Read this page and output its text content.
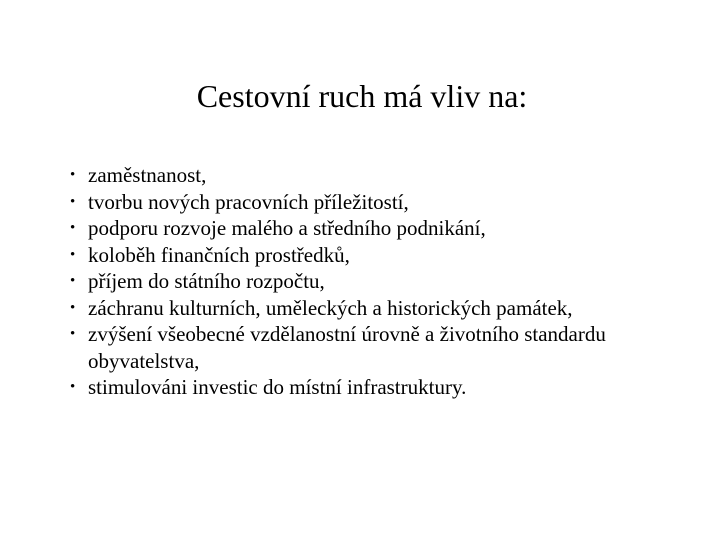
Cestovní ruch má vliv na:
• zaměstnanost,
• tvorbu nových pracovních příležitostí,
• podporu rozvoje malého a středního podnikání,
• koloběh finančních prostředků,
• příjem do státního rozpočtu,
• záchranu kulturních, uměleckých a historických památek,
• zvýšení všeobecné vzdělanostní úrovně a životního standardu obyvatelstva,
• stimulováni investic do místní infrastruktury.
